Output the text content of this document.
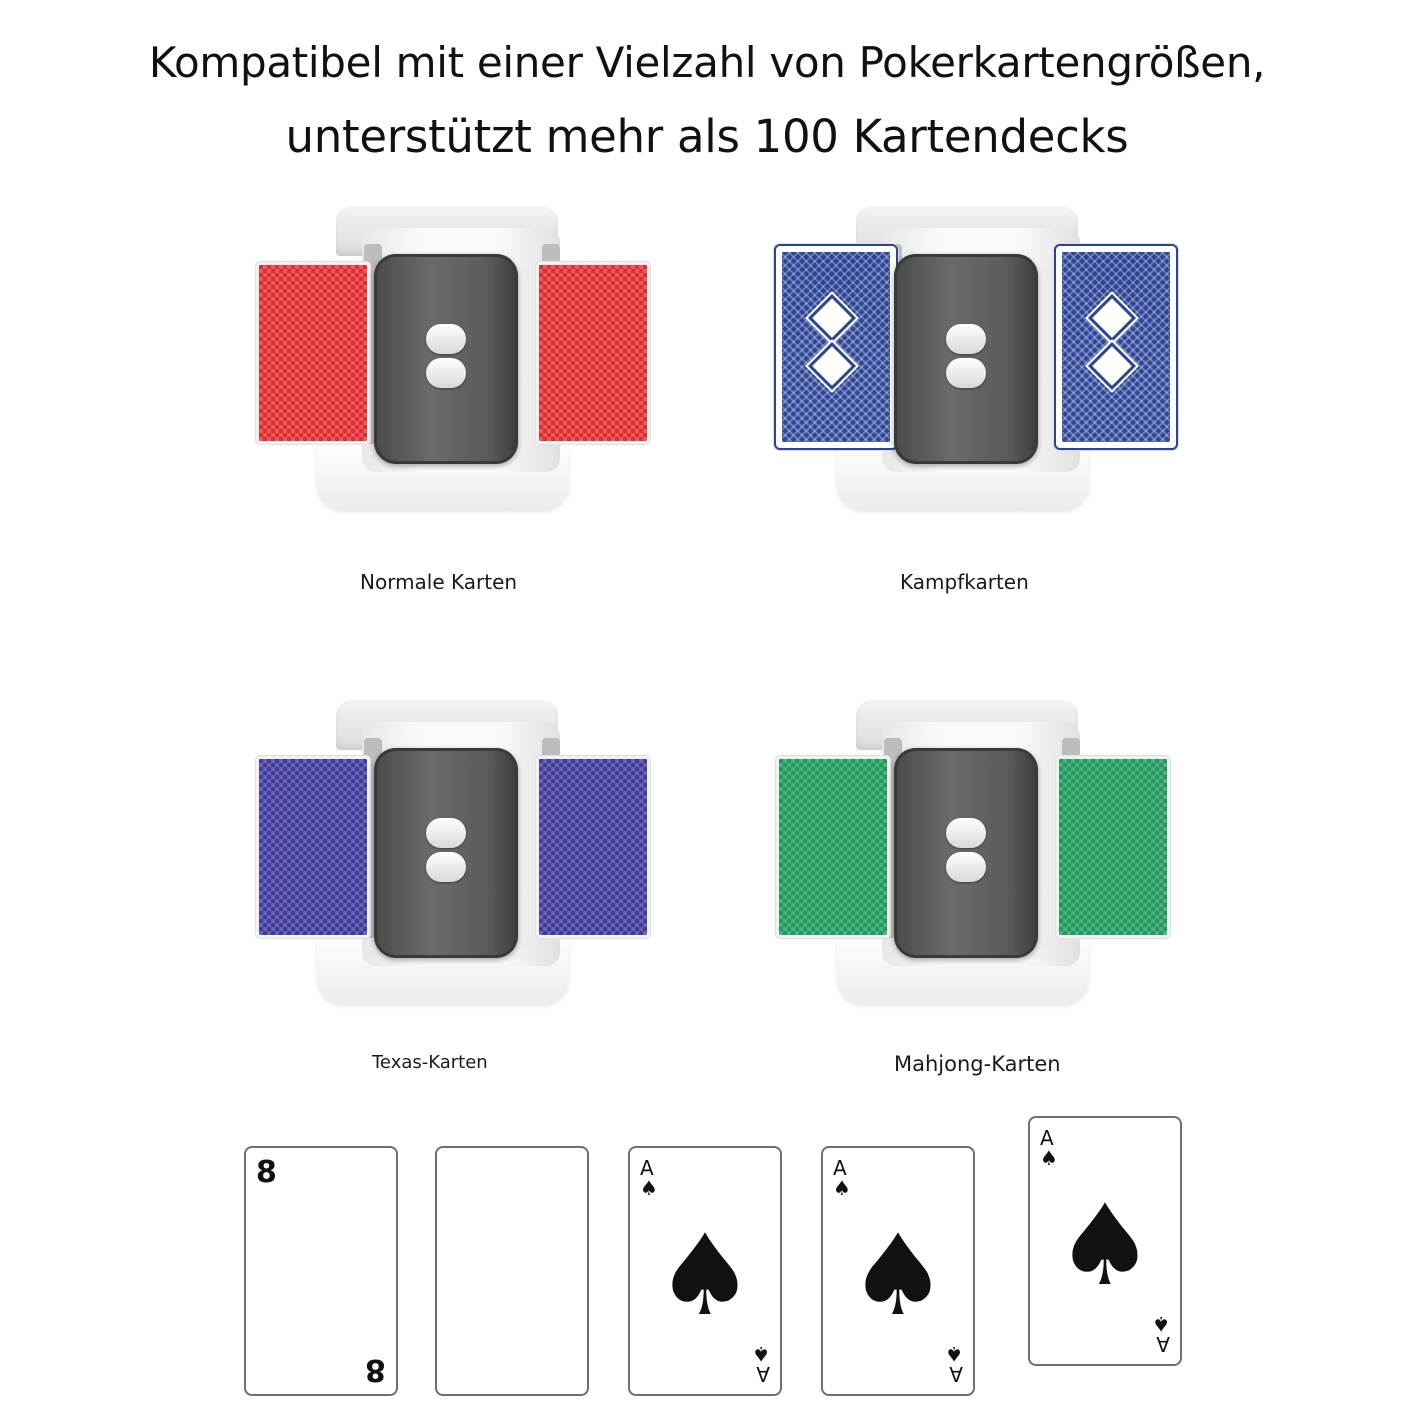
Kompatibel mit einer Vielzahl von Pokerkartengrößen,
unterstützt mehr als 100 Kartendecks
Normale Karten	Kampfkarten
Texas-Karten	Mahjong-Karten
8
8
A
♠
♠
A
♠
A
♠
♠
A
♠
A
♠
♠
A
♠
